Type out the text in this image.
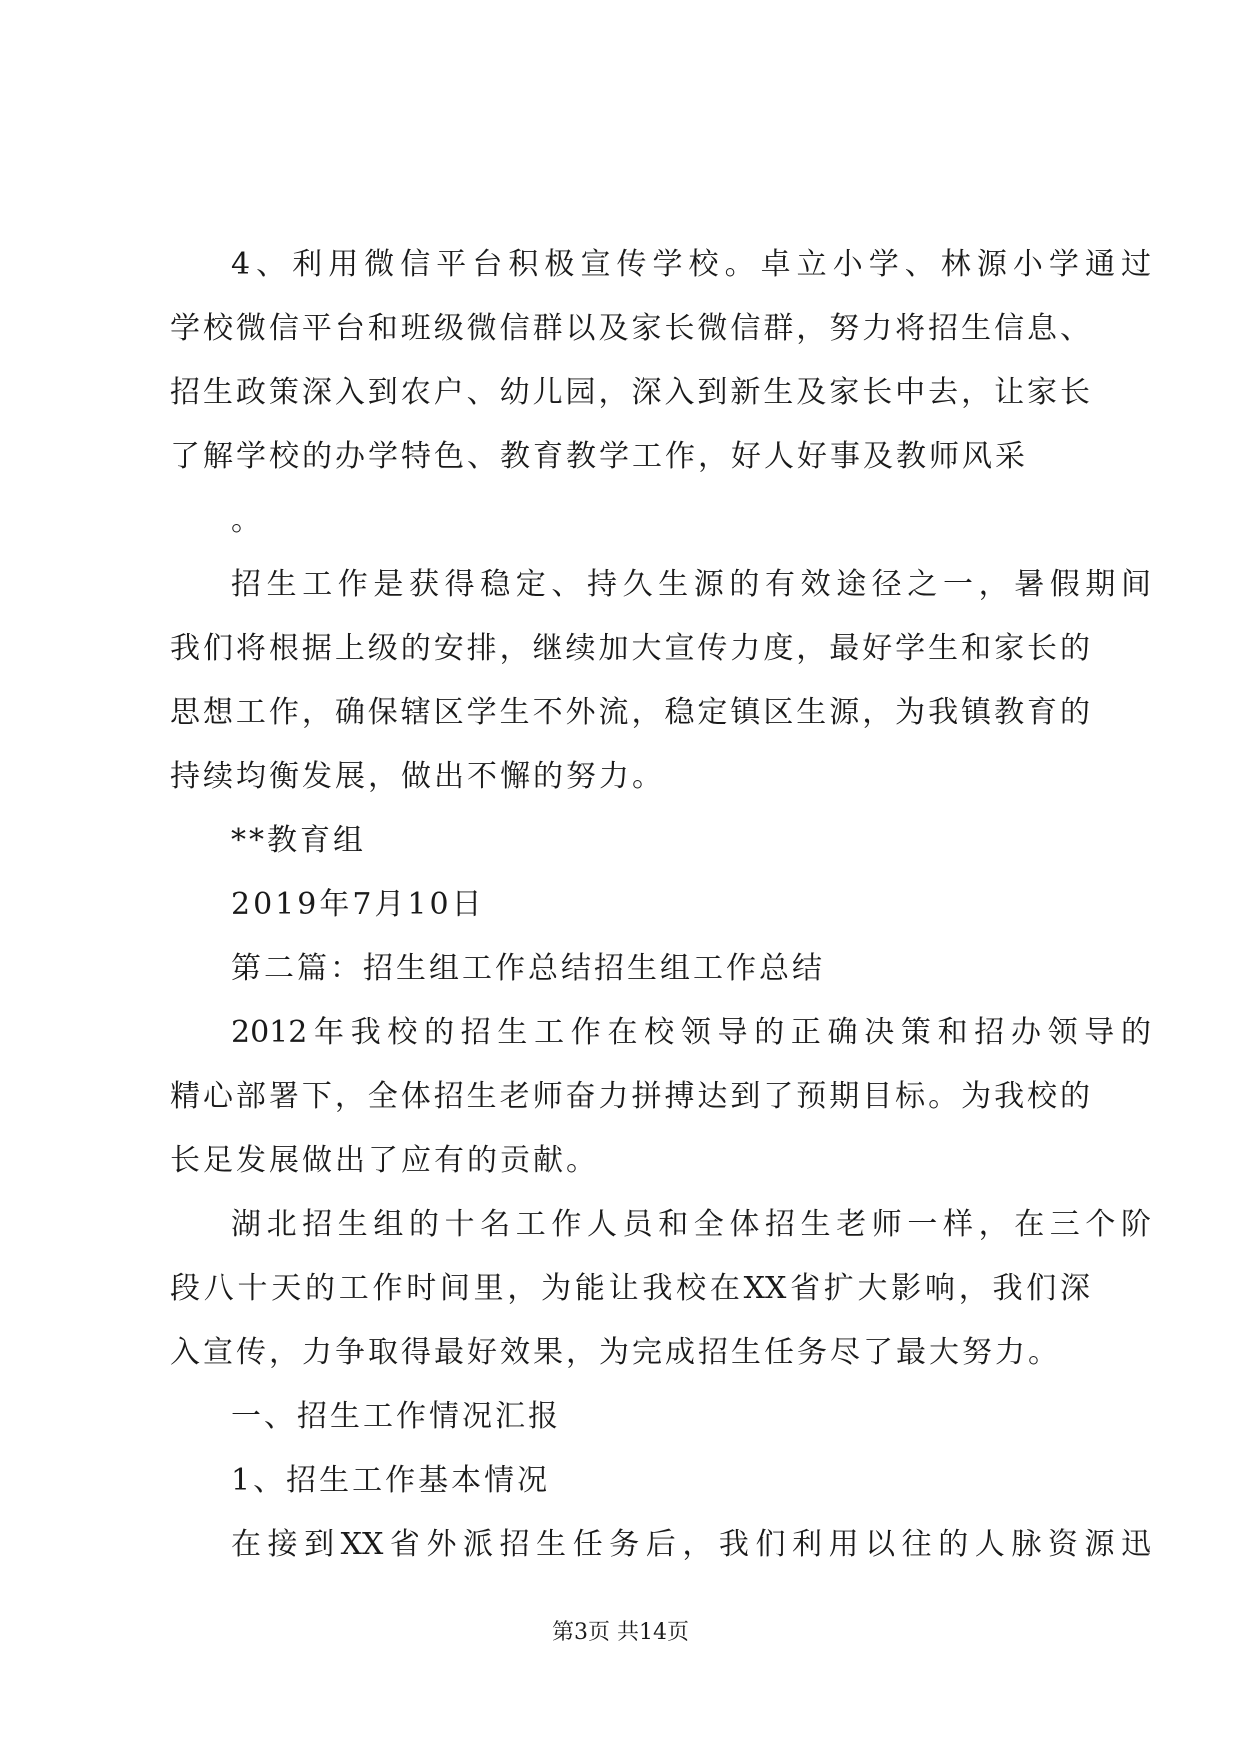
4、利用微信平台积极宣传学校。卓立小学、林源小学通过
学校微信平台和班级微信群以及家长微信群，努力将招生信息、
招生政策深入到农户、幼儿园，深入到新生及家长中去，让家长
了解学校的办学特色、教育教学工作，好人好事及教师风采
。
招生工作是获得稳定、持久生源的有效途径之一，暑假期间
我们将根据上级的安排，继续加大宣传力度，最好学生和家长的
思想工作，确保辖区学生不外流，稳定镇区生源，为我镇教育的
持续均衡发展，做出不懈的努力。
**教育组
2019年7月10日
第二篇：招生组工作总结招生组工作总结
2012年我校的招生工作在校领导的正确决策和招办领导的
精心部署下，全体招生老师奋力拼搏达到了预期目标。为我校的
长足发展做出了应有的贡献。
湖北招生组的十名工作人员和全体招生老师一样，在三个阶
段八十天的工作时间里，为能让我校在XX省扩大影响，我们深
入宣传，力争取得最好效果，为完成招生任务尽了最大努力。
一、招生工作情况汇报
1、招生工作基本情况
在接到XX省外派招生任务后，我们利用以往的人脉资源迅
第3页 共14页
